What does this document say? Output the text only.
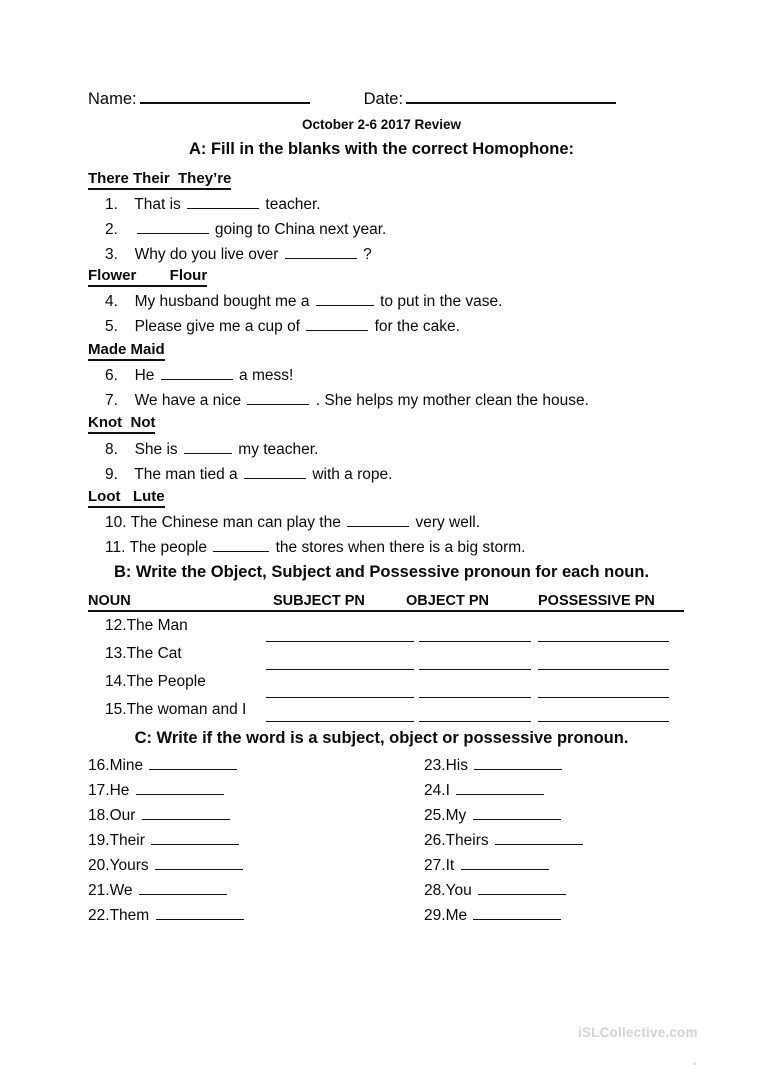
Name:	Date:
October 2-6 2017 Review
A: Fill in the blanks with the correct Homophone:
There Their  They’re
Flower        Flour
Made Maid
Knot  Not
Loot   Lute
1. That is	teacher.
2.	going to China next year.
3. Why do you live over	?
4. My husband bought me a	to put in the vase.
5. Please give me a cup of	for the cake.
6. He	a mess!
7. We have a nice	. She helps my mother clean the house.
8. She is	my teacher.
9. The man tied a	with a rope.
10. The Chinese man can play the	very well.
11. The people	the stores when there is a big storm.
B: Write the Object, Subject and Possessive pronoun for each noun.
NOUN	SUBJECT PN	OBJECT PN	POSSESSIVE PN
12.The Man
13.The Cat
14.The People
15.The woman and I
C: Write if the word is a subject, object or possessive pronoun.
16.Mine
17.He
18.Our
19.Their
20.Yours
21.We
22.Them
23.His
24.I
25.My
26.Theirs
27.It
28.You
29.Me
iSLCollective.com
